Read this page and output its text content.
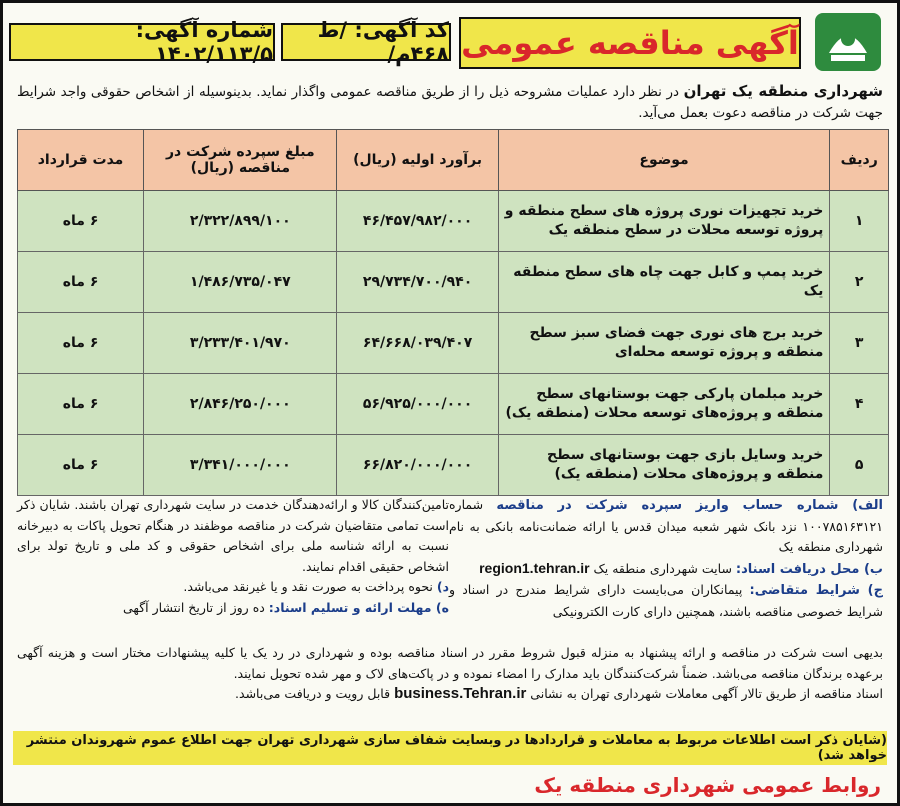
آگهی مناقصه عمومی
کد آگهی: /ط ۴۶۸م/
شماره آگهی: ۱۴۰۲/۱۱۳/۵
شهرداری منطقه یک تهران در نظر دارد عملیات مشروحه ذیل را از طریق مناقصه عمومی واگذار نماید. بدینوسیله از اشخاص حقوقی واجد شرایط جهت شرکت در مناقصه دعوت بعمل می‌آید.
ردیف	موضوع	برآورد اولیه (ریال)	مبلغ سپرده شرکت در مناقصه (ریال)	مدت قرارداد
۱	خرید تجهیزات نوری پروژه های سطح منطقه و پروژه توسعه محلات در سطح منطقه یک	۴۶/۴۵۷/۹۸۲/۰۰۰	۲/۳۲۲/۸۹۹/۱۰۰	۶ ماه
۲	خرید پمپ و کابل جهت چاه های سطح منطقه یک	۲۹/۷۳۴/۷۰۰/۹۴۰	۱/۴۸۶/۷۳۵/۰۴۷	۶ ماه
۳	خرید برج های نوری جهت فضای سبز سطح منطقه و پروژه توسعه محله‌ای	۶۴/۶۶۸/۰۳۹/۴۰۷	۳/۲۳۳/۴۰۱/۹۷۰	۶ ماه
۴	خرید مبلمان پارکی جهت بوستانهای سطح منطقه و پروژه‌های توسعه محلات (منطقه یک)	۵۶/۹۲۵/۰۰۰/۰۰۰	۲/۸۴۶/۲۵۰/۰۰۰	۶ ماه
۵	خرید وسایل بازی جهت بوستانهای سطح منطقه و پروژه‌های محلات (منطقه یک)	۶۶/۸۲۰/۰۰۰/۰۰۰	۳/۳۴۱/۰۰۰/۰۰۰	۶ ماه
الف) شماره حساب واریز سپرده شرکت در مناقصه شماره ۱۰۰۷۸۵۱۶۳۱۲۱ نزد بانک شهر شعبه میدان قدس یا ارائه ضمانت‌نامه بانکی به نام شهرداری منطقه یک
ب) محل دریافت اسناد: سایت شهرداری منطقه یک region1.tehran.ir
ج) شرایط متقاضی: پیمانکاران می‌بایست دارای شرایط مندرج در اسناد و شرایط خصوصی مناقصه باشند، همچنین دارای کارت الکترونیکی
تامین‌کنندگان کالا و ارائه‌دهندگان خدمت در سایت شهرداری تهران باشند. شایان ذکر است تمامی متقاضیان شرکت در مناقصه موظفند در هنگام تحویل پاکات به دبیرخانه نسبت به ارائه شناسه ملی برای اشخاص حقوقی و کد ملی و تاریخ تولد برای اشخاص حقیقی اقدام نمایند.
د) نحوه پرداخت به صورت نقد و یا غیرنقد می‌باشد.
ه) مهلت ارائه و تسلیم اسناد: ده روز از تاریخ انتشار آگهی
بدیهی است شرکت در مناقصه و ارائه پیشنهاد به منزله قبول شروط مقرر در اسناد مناقصه بوده و شهرداری در رد یک یا کلیه پیشنهادات مختار است و هزینه آگهی برعهده برندگان مناقصه می‌باشد. ضمناً شرکت‌کنندگان باید مدارک را امضاء نموده و در پاکت‌های لاک و مهر شده تحویل نمایند.
اسناد مناقصه از طریق تالار آگهی معاملات شهرداری تهران به نشانی business.Tehran.ir قابل رویت و دریافت می‌باشد.
(شایان ذکر است اطلاعات مربوط به معاملات و قراردادها در وبسایت شفاف سازی شهرداری تهران جهت اطلاع عموم شهروندان منتشر خواهد شد)
روابط عمومی شهرداری منطقه یک
